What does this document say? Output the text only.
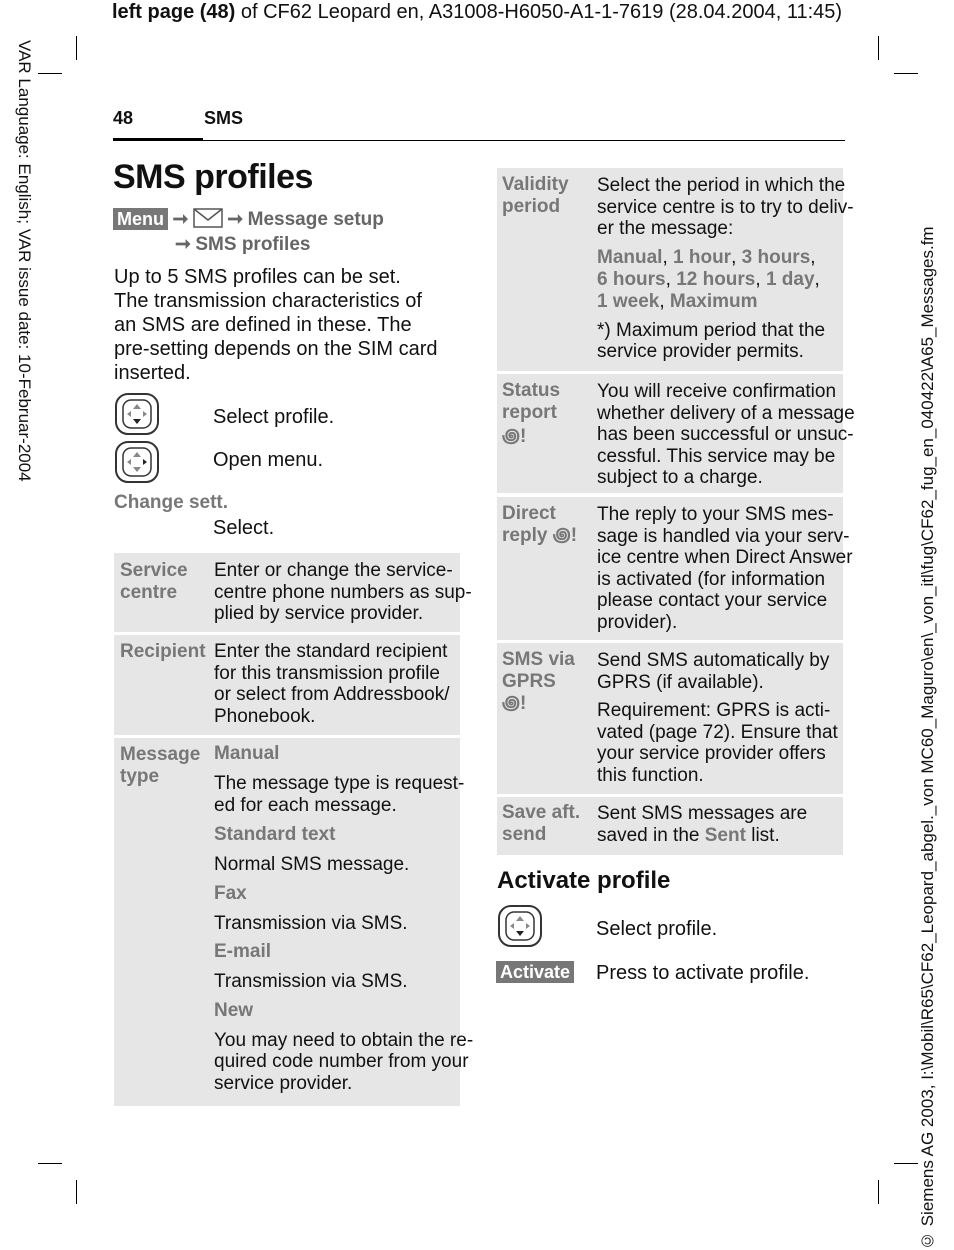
left page (48) of CF62 Leopard en, A31008-H6050-A1-1-7619 (28.04.2004, 11:45)
VAR Language: English; VAR issue date: 10-Februar-2004	© Siemens AG 2003, I:\Mobil\R65\CF62_Leopard_abgel._von MC60_Maguro\en\_von_itl\fug\CF62_fug_en_040422\A65_Messages.fm
48	SMS
SMS profiles
Menu ➞ ➞ Message setup
➞ SMS profiles
Up to 5 SMS profiles can be set.
The transmission characteristics of
an SMS are defined in these. The
pre-setting depends on the SIM card
inserted.
Select profile.
Open menu.
Change sett.
Select.
Service
centre
Enter or change the service-
centre phone numbers as sup-
plied by service provider.
Recipient Enter the standard recipient
for this transmission profile
or select from Addressbook/
Phonebook.
Message
type
Manual
The message type is request-
ed for each message.
Standard text
Normal SMS message.
Fax
Transmission via SMS.
E-mail
Transmission via SMS.
New
You may need to obtain the re-
quired code number from your
service provider.
Validity
period
Select the period in which the
service centre is to try to deliv-
er the message:
Manual, 1 hour, 3 hours,
6 hours, 12 hours, 1 day,
1 week, Maximum
*) Maximum period that the
service provider permits.
Status
report
꩜!
You will receive confirmation
whether delivery of a message
has been successful or unsuc-
cessful. This service may be
subject to a charge.
Direct
reply ꩜!
The reply to your SMS mes-
sage is handled via your serv-
ice centre when Direct Answer
is activated (for information
please contact your service
provider).
SMS via
GPRS
꩜!
Send SMS automatically by
GPRS (if available).
Requirement: GPRS is acti-
vated (page 72). Ensure that
your service provider offers
this function.
Save aft.
send
Sent SMS messages are
saved in the Sent list.
Activate profile
Select profile.
Activate Press to activate profile.
